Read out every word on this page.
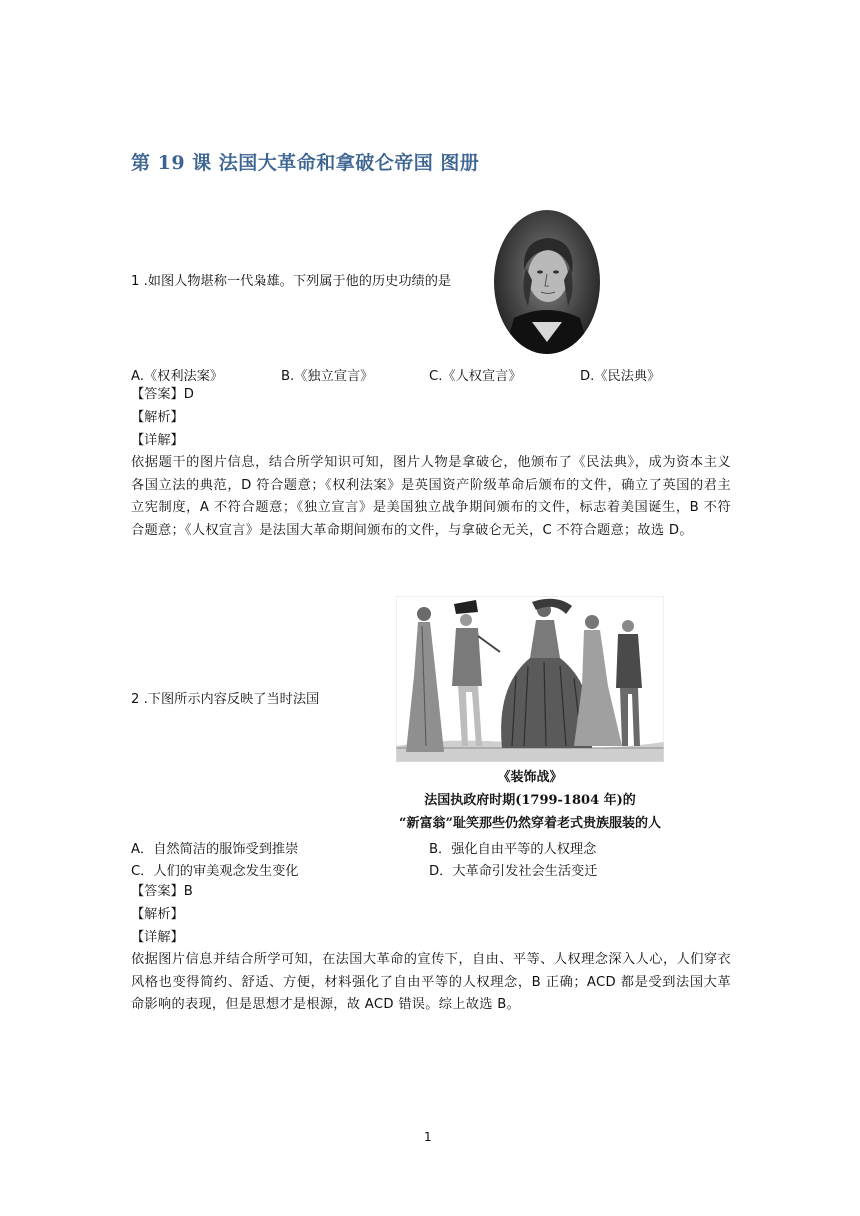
第 19 课 法国大革命和拿破仑帝国 图册
1 .如图人物堪称一代枭雄。下列属于他的历史功绩的是
A.《权利法案》	B.《独立宣言》	C.《人权宣言》	D.《民法典》
【答案】D
【解析】
【详解】
依据题干的图片信息，结合所学知识可知，图片人物是拿破仑，他颁布了《民法典》，成为资本主义各国立法的典范，D 符合题意；《权利法案》是英国资产阶级革命后颁布的文件，确立了英国的君主立宪制度，A 不符合题意；《独立宣言》是美国独立战争期间颁布的文件，标志着美国诞生，B 不符合题意；《人权宣言》是法国大革命期间颁布的文件，与拿破仑无关，C 不符合题意；故选 D。
2 .下图所示内容反映了当时法国
《装饰战》
法国执政府时期(1799-1804 年)的
“新富翁”耻笑那些仍然穿着老式贵族服装的人
A．自然简洁的服饰受到推崇	B．强化自由平等的人权理念
C．人们的审美观念发生变化	D．大革命引发社会生活变迁
【答案】B
【解析】
【详解】
依据图片信息并结合所学可知，在法国大革命的宣传下，自由、平等、人权理念深入人心，人们穿衣风格也变得简约、舒适、方便，材料强化了自由平等的人权理念，B 正确；ACD 都是受到法国大革命影响的表现，但是思想才是根源，故 ACD 错误。综上故选 B。
1
